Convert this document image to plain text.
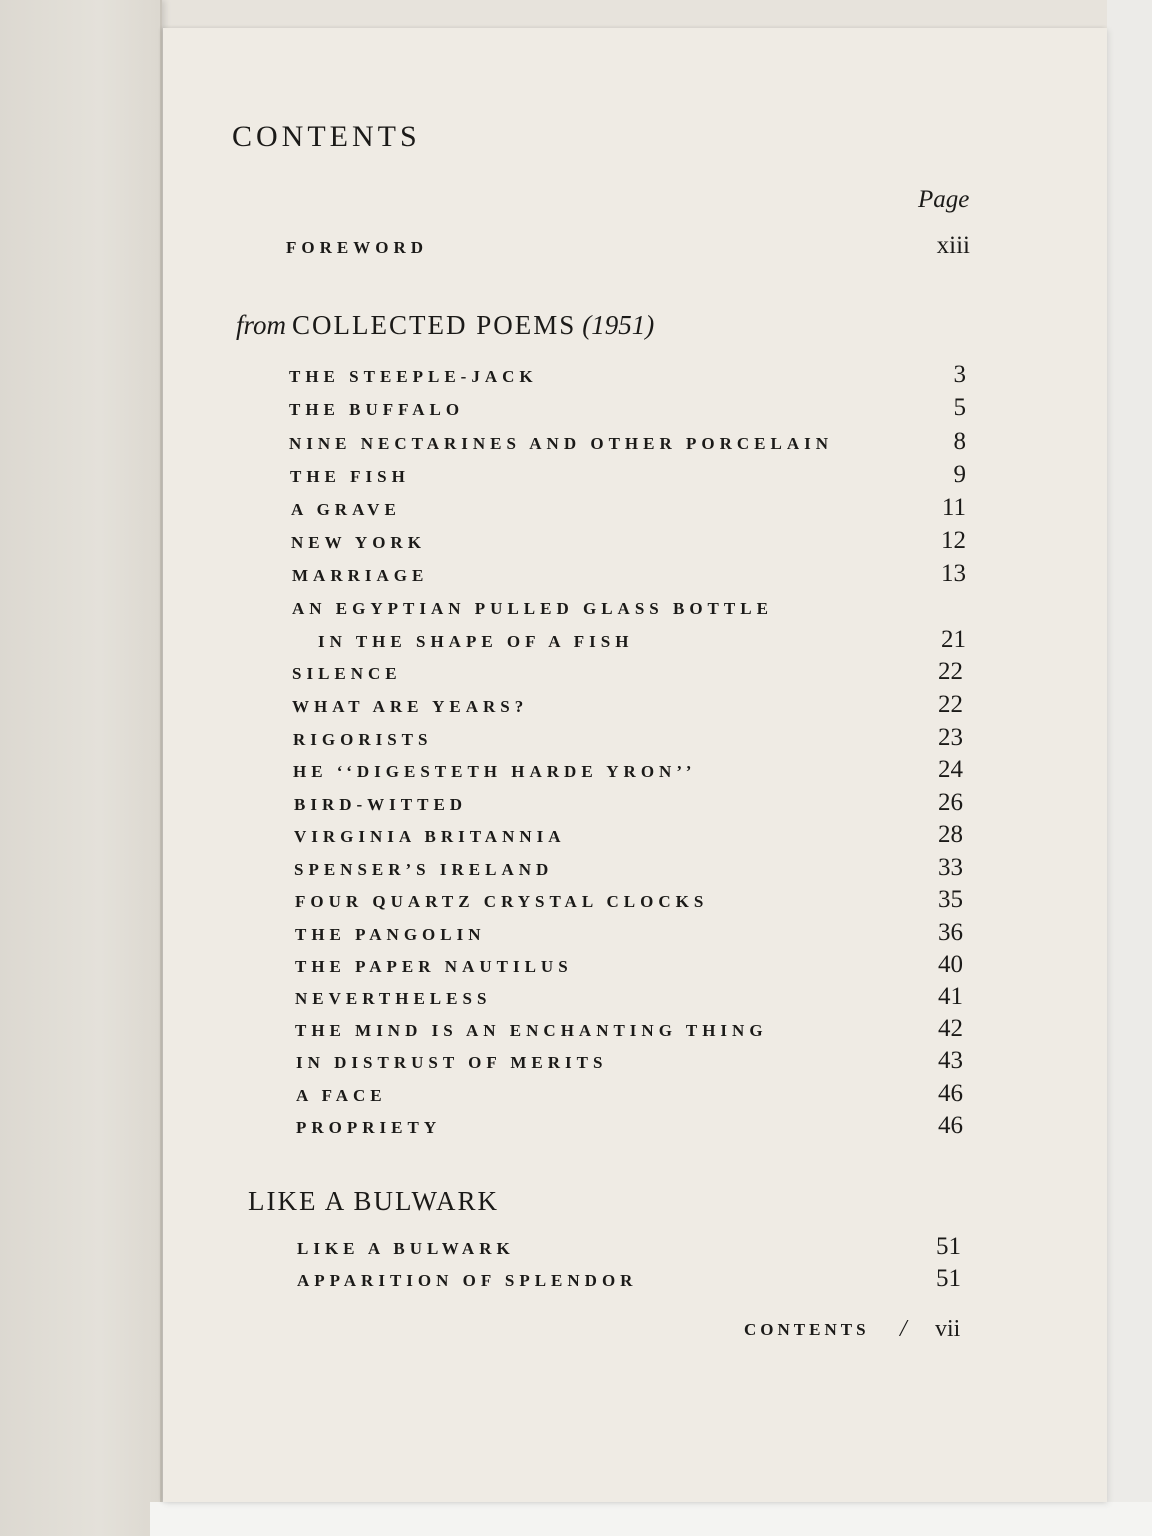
CONTENTS
Page
FOREWORD	xiii
from COLLECTED POEMS (1951)
THE STEEPLE-JACK	3
THE BUFFALO	5
NINE NECTARINES AND OTHER PORCELAIN	8
THE FISH	9
A GRAVE	11
NEW YORK	12
MARRIAGE	13
AN EGYPTIAN PULLED GLASS BOTTLE
IN THE SHAPE OF A FISH	21
SILENCE	22
WHAT ARE YEARS?	22
RIGORISTS	23
HE ‘‘DIGESTETH HARDE YRON’’	24
BIRD-WITTED	26
VIRGINIA BRITANNIA	28
SPENSER’S IRELAND	33
FOUR QUARTZ CRYSTAL CLOCKS	35
THE PANGOLIN	36
THE PAPER NAUTILUS	40
NEVERTHELESS	41
THE MIND IS AN ENCHANTING THING	42
IN DISTRUST OF MERITS	43
A FACE	46
PROPRIETY	46
LIKE A BULWARK
LIKE A BULWARK	51
APPARITION OF SPLENDOR	51
CONTENTS / vii
